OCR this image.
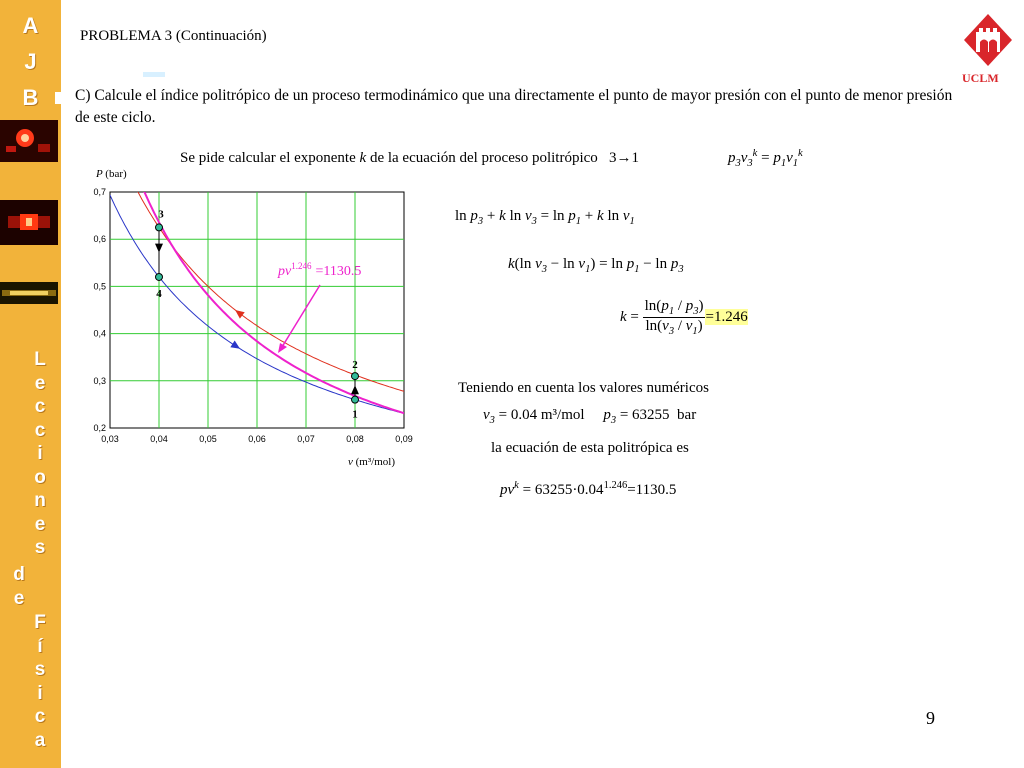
A
J
B
L
e
c
c
i
o
n
e
s
d
e
F
í
s
i
c
a
UCLM
PROBLEMA 3 (Continuación)
C) Calcule el índice politrópico de un proceso termodinámico que una directamente el punto de mayor presión con el punto de menor presión de este ciclo.
Se pide calcular el exponente k de la ecuación del proceso politrópico 3→1	$p_3v_3^k = p_1v_1^k$
0,03	0,04	0,05	0,06	0,07	0,08	0,09
0,2
0,3
0,4
0,5
0,6
0,7
P (bar)
v (m³/mol)
1
2
3
4
$pv^{1.246} =1130.5$
$\ln p_3 + k$ $\ln v_3 = \ln p_1 + k$ $\ln v_1$
k(ln $v_3 - \ln v_1) = \ln p_1 - \ln p_3$
$k = \frac{\ln(p_1 / p_3)}{\ln(v_3 / v_1)} =1.246$
Teniendo en cuenta los valores numéricos
$v_3 = 0.04$ m³/mol     $p_3 = 63255$ bar
la ecuación de esta politrópica es
$pv^k = 63255\cdot 0.04^{1.246}=1130.5$
9
